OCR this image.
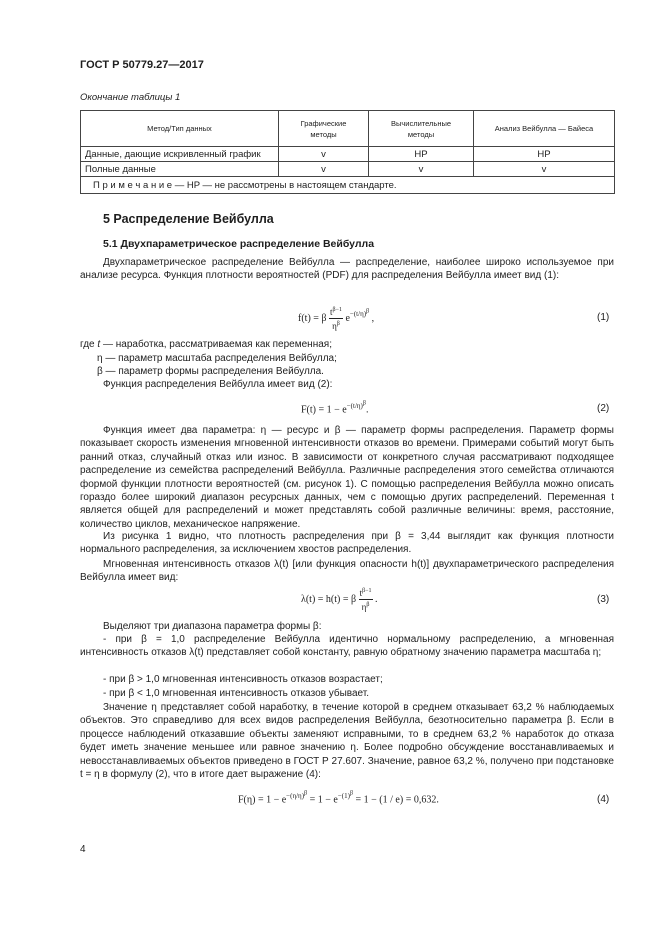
ГОСТ Р 50779.27—2017
Окончание таблицы 1
Метод/Тип данных	Графические методы	Вычислительные методы	Анализ Вейбулла — Байеса
Данные, дающие искривленный график	v	HP	HP
Полные данные	v	v	v
П р и м е ч а н и е — HP — не рассмотрены в настоящем стандарте.			
5 Распределение Вейбулла
5.1 Двухпараметрическое распределение Вейбулла
Двухпараметрическое распределение Вейбулла — распределение, наиболее широко используемое при анализе ресурса. Функция плотности вероятностей (PDF) для распределения Вейбулла имеет вид (1):
f(t) = β $\frac{t^{\beta-1}}{\eta^\beta} e^{-(t/\eta)^\beta}$ ,	(1)
где t — наработка, рассматриваемая как переменная;
η — параметр масштаба распределения Вейбулла;
β — параметр формы распределения Вейбулла.
Функция распределения Вейбулла имеет вид (2):
$F(t) = 1 - e^{-(t/\eta)^\beta}$.	(2)
Функция имеет два параметра: η — ресурс и β — параметр формы распределения. Параметр формы показывает скорость изменения мгновенной интенсивности отказов во времени. Примерами событий могут быть ранний отказ, случайный отказ или износ. В зависимости от конкретного случая рассматривают подходящее распределение из семейства распределений Вейбулла. Различные распределения этого семейства отличаются формой функции плотности вероятностей (см. рисунок 1). С помощью распределения Вейбулла можно описать гораздо более широкий диапазон ресурсных данных, чем с помощью других распределений. Переменная t является общей для распределений и может представлять собой различные величины: время, расстояние, количество циклов, механическое напряжение.
Из рисунка 1 видно, что плотность распределения при β = 3,44 выглядит как функция плотности нормального распределения, за исключением хвостов распределения.
Мгновенная интенсивность отказов λ(t) [или функция опасности h(t)] двухпараметрического распределения Вейбулла имеет вид:
λ(t) = h(t) = β $\frac{t^{\beta-1}}{\eta^\beta}$ .	(3)
Выделяют три диапазона параметра формы β:
- при β = 1,0 распределение Вейбулла идентично нормальному распределению, а мгновенная интенсивность отказов λ(t) представляет собой константу, равную обратному значению параметра масштаба η;
- при β > 1,0 мгновенная интенсивность отказов возрастает;
- при β < 1,0 мгновенная интенсивность отказов убывает.
Значение η представляет собой наработку, в течение которой в среднем отказывает 63,2 % наблюдаемых объектов. Это справедливо для всех видов распределения Вейбулла, безотносительно параметра β. Если в процессе наблюдений отказавшие объекты заменяют исправными, то в среднем 63,2 % наработок до отказа будет иметь значение меньшее или равное значению η. Более подробно обсуждение восстанавливаемых и невосстанавливаемых объектов приведено в ГОСТ Р 27.607. Значение, равное 63,2 %, получено при подстановке t = η в формулу (2), что в итоге дает выражение (4):
$F(\eta) = 1 - e^{-(\eta/\eta)^\beta} = 1 - e^{-(1)^\beta} = 1 - (1 / e) = 0,632$.	(4)
4
